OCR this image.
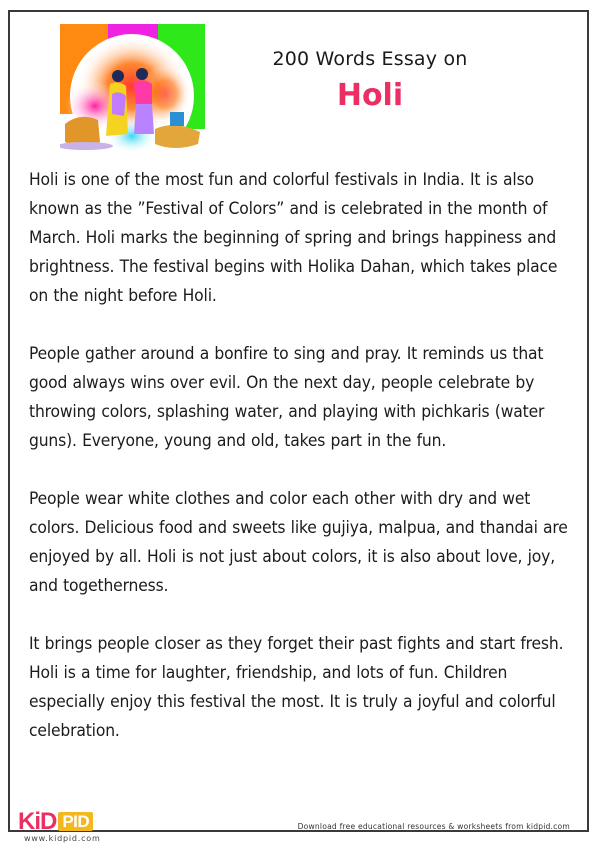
200 Words Essay on
Holi

Holi is one of the most fun and colorful festivals in India. It is also known as the ”Festival of Colors” and is celebrated in the month of March. Holi marks the beginning of spring and brings happiness and brightness. The festival begins with Holika Dahan, which takes place on the night before Holi.

People gather around a bonfire to sing and pray. It reminds us that good always wins over evil. On the next day, people celebrate by throwing colors, splashing water, and playing with pichkaris (water guns). Everyone, young and old, takes part in the fun.

People wear white clothes and color each other with dry and wet colors. Delicious food and sweets like gujiya, malpua, and thandai are enjoyed by all. Holi is not just about colors, it is also about love, joy, and togetherness.

It brings people closer as they forget their past fights and start fresh. Holi is a time for laughter, friendship, and lots of fun. Children especially enjoy this festival the most. It is truly a joyful and colorful celebration.

KiD PID
www.kidpid.com
Download free educational resources & worksheets from kidpid.com
